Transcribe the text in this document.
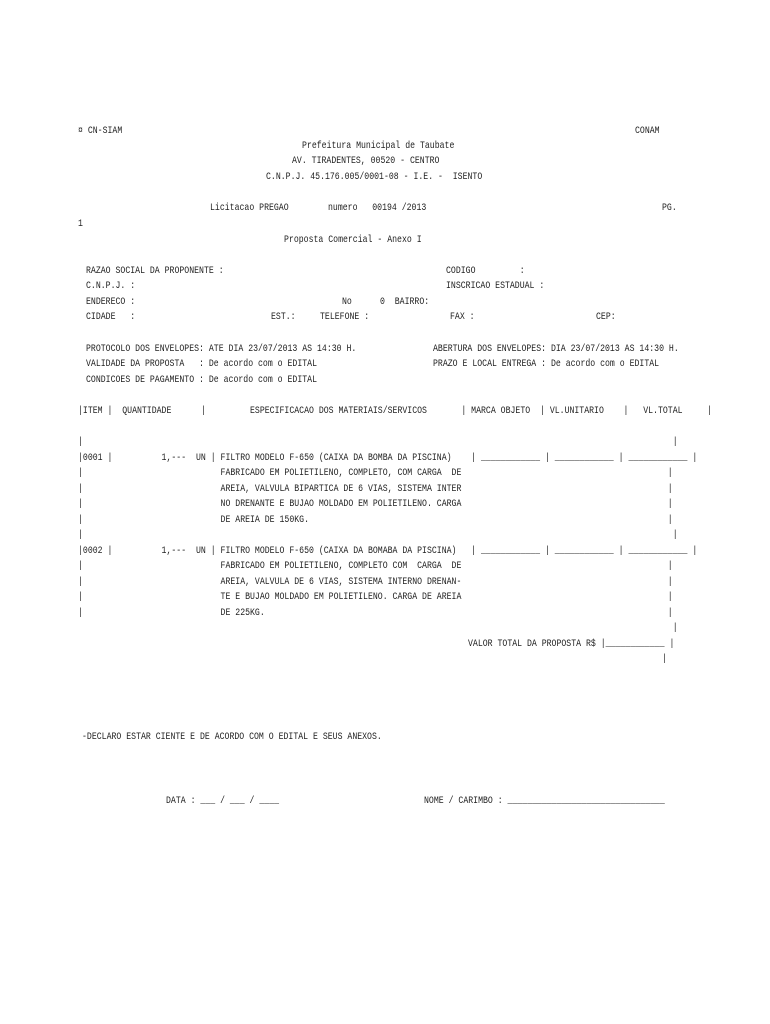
¤ CN-SIAM	CONAM
Prefeitura Municipal de Taubate
AV. TIRADENTES, 00520 - CENTRO
C.N.P.J. 45.176.005/0001-08 - I.E. -  ISENTO
Licitacao PREGAO	numero   00194 /2013	PG.
1
Proposta Comercial - Anexo I
RAZAO SOCIAL DA PROPONENTE :	CODIGO         :
C.N.P.J. :	INSCRICAO ESTADUAL :
ENDERECO :	No	0  BAIRRO:
CIDADE   :	EST.: TELEFONE :	FAX :	CEP:
PROTOCOLO DOS ENVELOPES: ATE DIA 23/07/2013 AS 14:30 H.	ABERTURA DOS ENVELOPES: DIA 23/07/2013 AS 14:30 H.
VALIDADE DA PROPOSTA   : De acordo com o EDITAL	PRAZO E LOCAL ENTREGA : De acordo com o EDITAL
CONDICOES DE PAGAMENTO : De acordo com o EDITAL
|ITEM |  QUANTIDADE      |         ESPECIFICACAO DOS MATERIAIS/SERVICOS       | MARCA OBJETO  | VL.UNITARIO    |   VL.TOTAL     |
|                                                                                                                        |
|0001 |          1,---  UN | FILTRO MODELO F-650 (CAIXA DA BOMBA DA PISCINA)    | ____________ | ____________ | ____________ |
|                            FABRICADO EM POLIETILENO, COMPLETO, COM CARGA  DE                                          |
|                            AREIA, VALVULA BIPARTICA DE 6 VIAS, SISTEMA INTER                                          |
|                            NO DRENANTE E BUJAO MOLDADO EM POLIETILENO. CARGA                                          |
|                            DE AREIA DE 150KG.                                                                         |
|                                                                                                                        |
|0002 |          1,---  UN | FILTRO MODELO F-650 (CAIXA DA BOMABA DA PISCINA)   | ____________ | ____________ | ____________ |
|                            FABRICADO EM POLIETILENO, COMPLETO COM  CARGA  DE                                          |
|                            AREIA, VALVULA DE 6 VIAS, SISTEMA INTERNO DRENAN-                                          |
|                            TE E BUJAO MOLDADO EM POLIETILENO. CARGA DE AREIA                                          |
|                            DE 225KG.                                                                                  |
|
VALOR TOTAL DA PROPOSTA R$ |____________ |
|
-DECLARO ESTAR CIENTE E DE ACORDO COM O EDITAL E SEUS ANEXOS.
DATA : ___ / ___ / ____	NOME / CARIMBO : ________________________________
